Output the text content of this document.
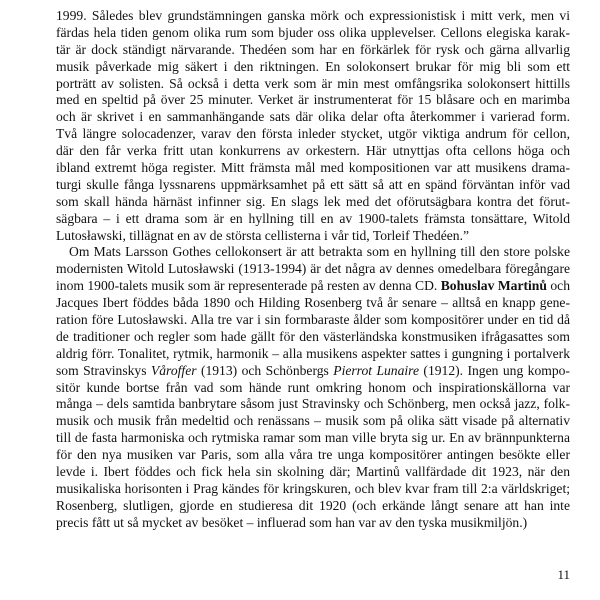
1999. Således blev grundstämningen ganska mörk och expressionistisk i mitt verk, men vi
färdas hela tiden genom olika rum som bjuder oss olika upplevelser. Cellons elegiska karak-
tär är dock ständigt närvarande. Thedéen som har en förkärlek för rysk och gärna allvarlig
musik påverkade mig säkert i den riktningen. En solokonsert brukar för mig bli som ett
porträtt av solisten. Så också i detta verk som är min mest omfångsrika solokonsert hittills
med en speltid på över 25 minuter. Verket är instrumenterat för 15 blåsare och en marimba
och är skrivet i en sammanhängande sats där olika delar ofta återkommer i varierad form.
Två längre solocadenzer, varav den första inleder stycket, utgör viktiga andrum för cellon,
där den får verka fritt utan konkurrens av orkestern. Här utnyttjas ofta cellons höga och
ibland extremt höga register. Mitt främsta mål med kompositionen var att musikens drama-
turgi skulle fånga lyssnarens uppmärksamhet på ett sätt så att en spänd förväntan inför vad
som skall hända härnäst infinner sig. En slags lek med det oförutsägbara kontra det förut-
sägbara – i ett drama som är en hyllning till en av 1900-talets främsta tonsättare, Witold
Lutosławski, tillägnat en av de största cellisterna i vår tid, Torleif Thedéen.”
Om Mats Larsson Gothes cellokonsert är att betrakta som en hyllning till den store polske
modernisten Witold Lutosławski (1913-1994) är det några av dennes omedelbara föregångare
inom 1900-talets musik som är representerade på resten av denna CD. Bohuslav Martinů och
Jacques Ibert föddes båda 1890 och Hilding Rosenberg två år senare – alltså en knapp gene-
ration före Lutosławski. Alla tre var i sin formbaraste ålder som kompositörer under en tid då
de traditioner och regler som hade gällt för den västerländska konstmusiken ifrågasattes som
aldrig förr. Tonalitet, rytmik, harmonik – alla musikens aspekter sattes i gungning i portalverk
som Stravinskys Våroffer (1913) och Schönbergs Pierrot Lunaire (1912). Ingen ung kompo-
sitör kunde bortse från vad som hände runt omkring honom och inspirationskällorna var
många – dels samtida banbrytare såsom just Stravinsky och Schönberg, men också jazz, folk-
musik och musik från medeltid och renässans – musik som på olika sätt visade på alternativ
till de fasta harmoniska och rytmiska ramar som man ville bryta sig ur. En av brännpunkterna
för den nya musiken var Paris, som alla våra tre unga kompositörer antingen besökte eller
levde i. Ibert föddes och fick hela sin skolning där; Martinů vallfärdade dit 1923, när den
musikaliska horisonten i Prag kändes för kringskuren, och blev kvar fram till 2:a världskriget;
Rosenberg, slutligen, gjorde en studieresa dit 1920 (och erkände långt senare att han inte
precis fått ut så mycket av besöket – influerad som han var av den tyska musikmiljön.)
11
